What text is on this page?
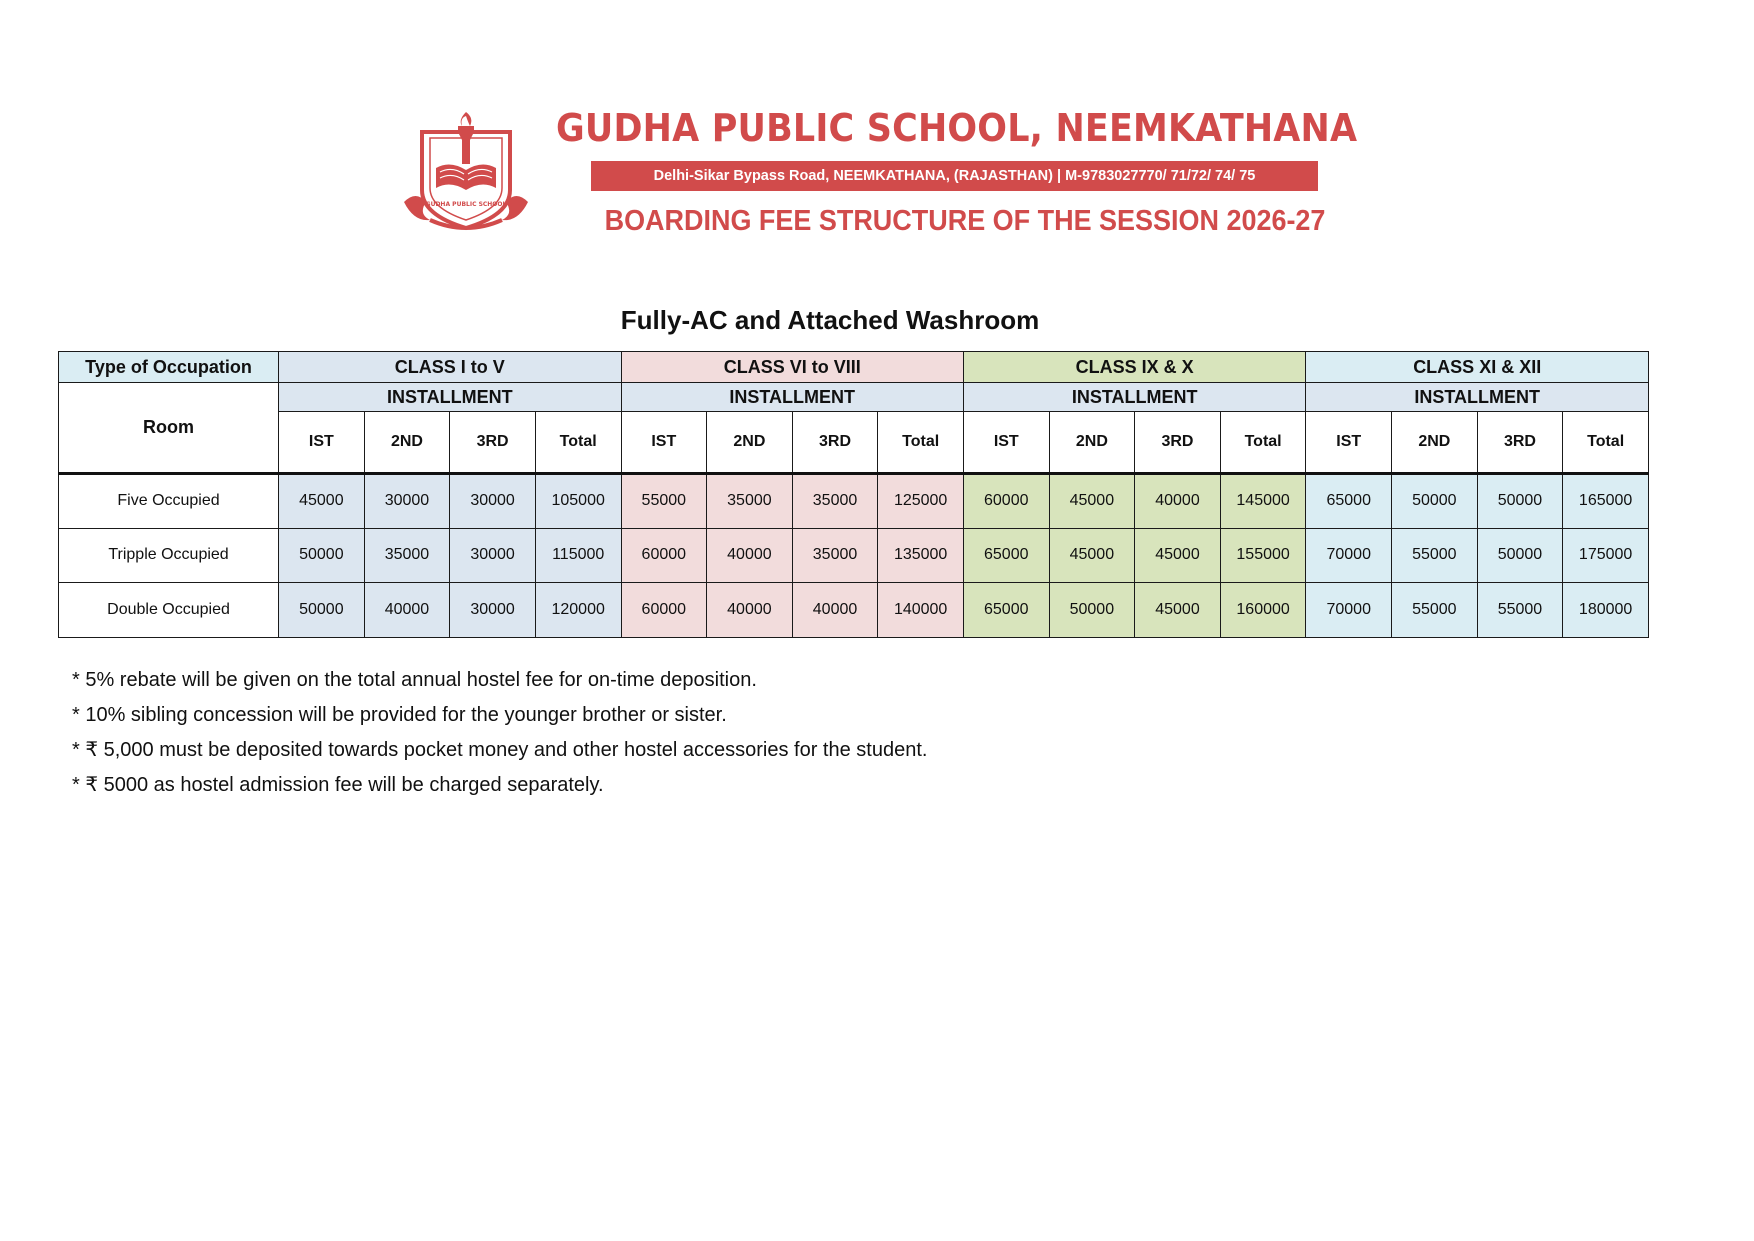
GUDHA PUBLIC SCHOOL
GUDHA PUBLIC SCHOOL, NEEMKATHANA
Delhi-Sikar Bypass Road, NEEMKATHANA, (RAJASTHAN) | M-9783027770/ 71/72/ 74/ 75
BOARDING FEE STRUCTURE OF THE SESSION 2026-27
Fully-AC and Attached Washroom
Type of Occupation	CLASS I to V				CLASS VI to VIII				CLASS IX & X				CLASS XI & XII			
Room	INSTALLMENT				INSTALLMENT				INSTALLMENT				INSTALLMENT			
	IST	2ND	3RD	Total	IST	2ND	3RD	Total	IST	2ND	3RD	Total	IST	2ND	3RD	Total
Five Occupied	45000	30000	30000	105000	55000	35000	35000	125000	60000	45000	40000	145000	65000	50000	50000	165000
Tripple Occupied	50000	35000	30000	115000	60000	40000	35000	135000	65000	45000	45000	155000	70000	55000	50000	175000
Double Occupied	50000	40000	30000	120000	60000	40000	40000	140000	65000	50000	45000	160000	70000	55000	55000	180000
* 5% rebate will be given on the total annual hostel fee for on-time deposition.
* 10% sibling concession will be provided for the younger brother or sister.
* ₹ 5,000 must be deposited towards pocket money and other hostel accessories for the student.
* ₹ 5000 as hostel admission fee will be charged separately.
